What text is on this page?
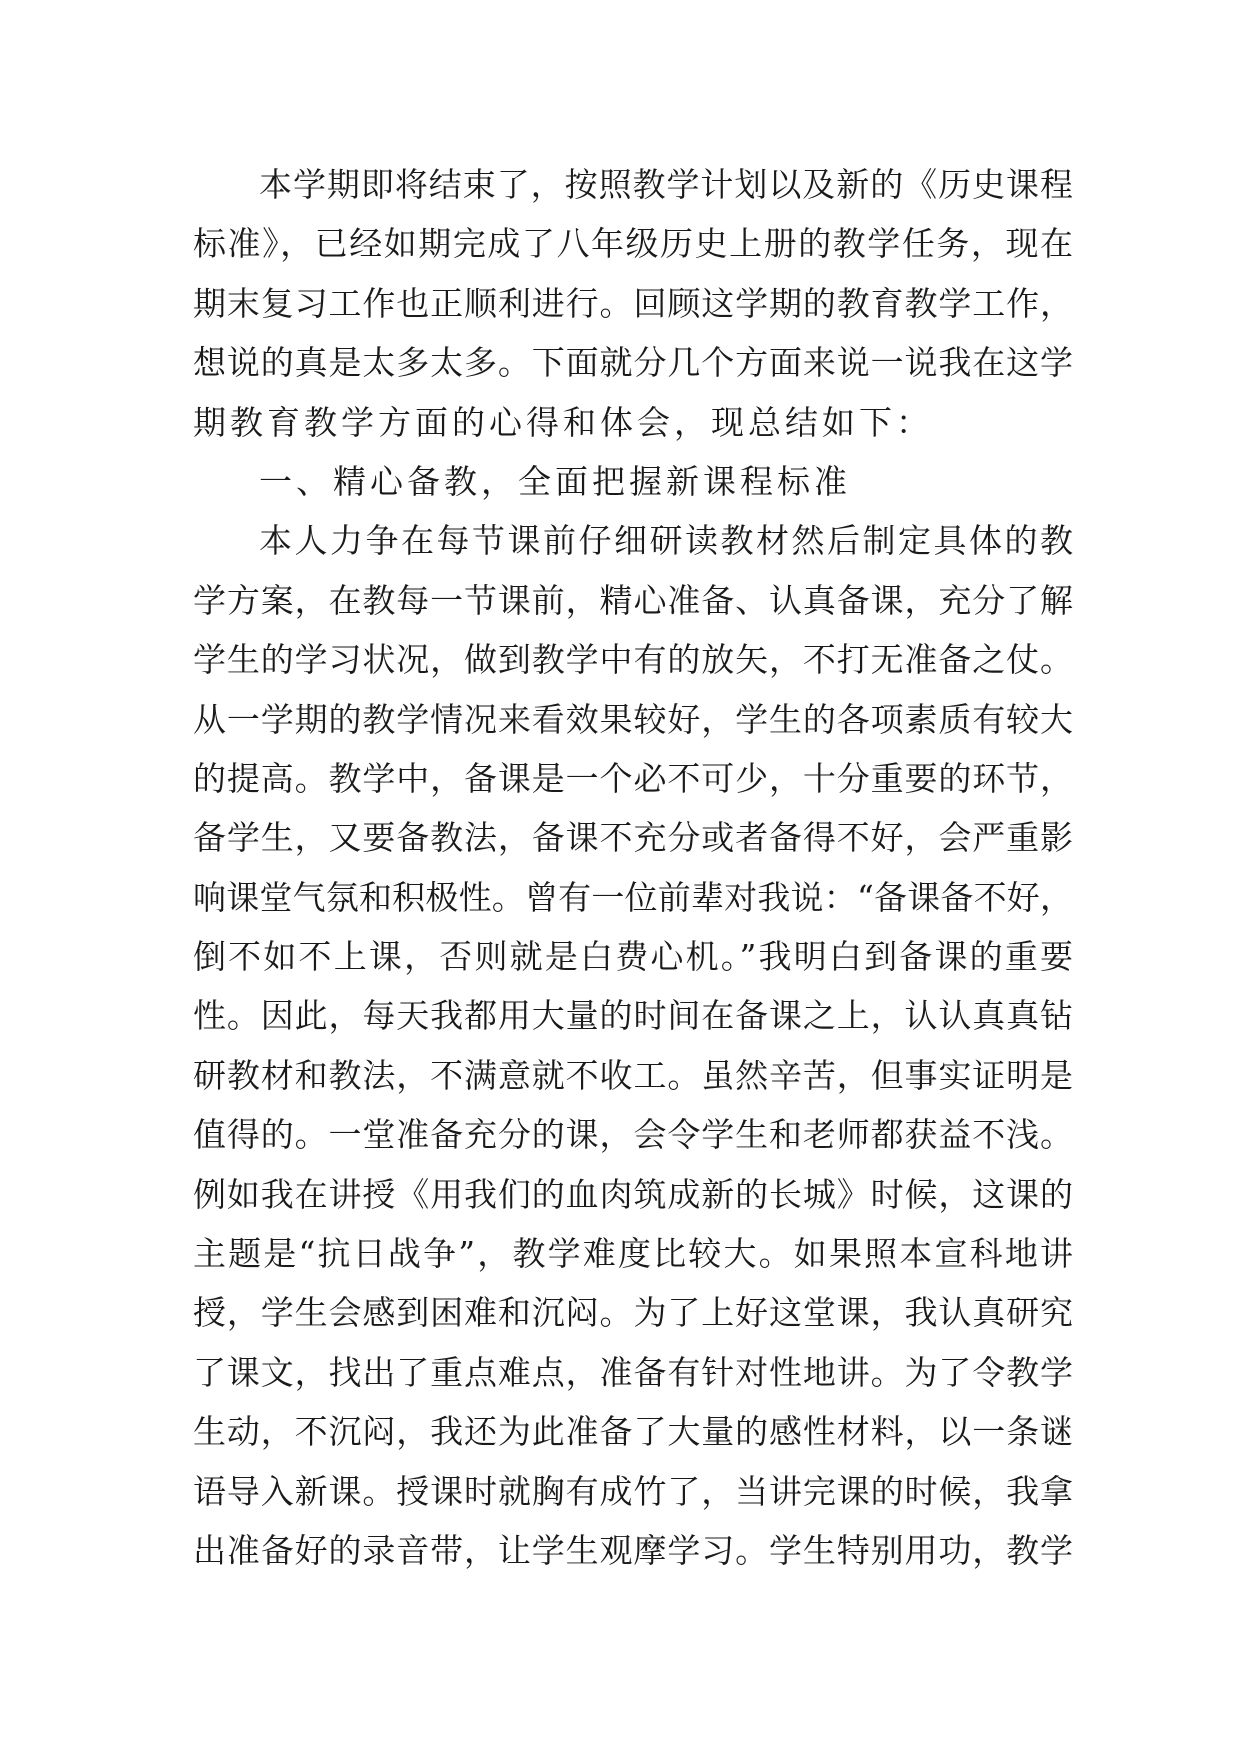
本学期即将结束了，按照教学计划以及新的《历史课程
标准》，已经如期完成了八年级历史上册的教学任务，现在
期末复习工作也正顺利进行。回顾这学期的教育教学工作，
想说的真是太多太多。下面就分几个方面来说一说我在这学
期教育教学方面的心得和体会，现总结如下：
一、精心备教，全面把握新课程标准
本人力争在每节课前仔细研读教材然后制定具体的教
学方案，在教每一节课前，精心准备、认真备课，充分了解
学生的学习状况，做到教学中有的放矢，不打无准备之仗。
从一学期的教学情况来看效果较好，学生的各项素质有较大
的提高。教学中，备课是一个必不可少，十分重要的环节，
备学生，又要备教法，备课不充分或者备得不好，会严重影
响课堂气氛和积极性。曾有一位前辈对我说：“备课备不好，
倒不如不上课，否则就是白费心机。”我明白到备课的重要
性。因此，每天我都用大量的时间在备课之上，认认真真钻
研教材和教法，不满意就不收工。虽然辛苦，但事实证明是
值得的。一堂准备充分的课，会令学生和老师都获益不浅。
例如我在讲授《用我们的血肉筑成新的长城》时候，这课的
主题是“抗日战争”，教学难度比较大。如果照本宣科地讲
授，学生会感到困难和沉闷。为了上好这堂课，我认真研究
了课文，找出了重点难点，准备有针对性地讲。为了令教学
生动，不沉闷，我还为此准备了大量的感性材料，以一条谜
语导入新课。授课时就胸有成竹了，当讲完课的时候，我拿
出准备好的录音带，让学生观摩学习。学生特别用功，教学
